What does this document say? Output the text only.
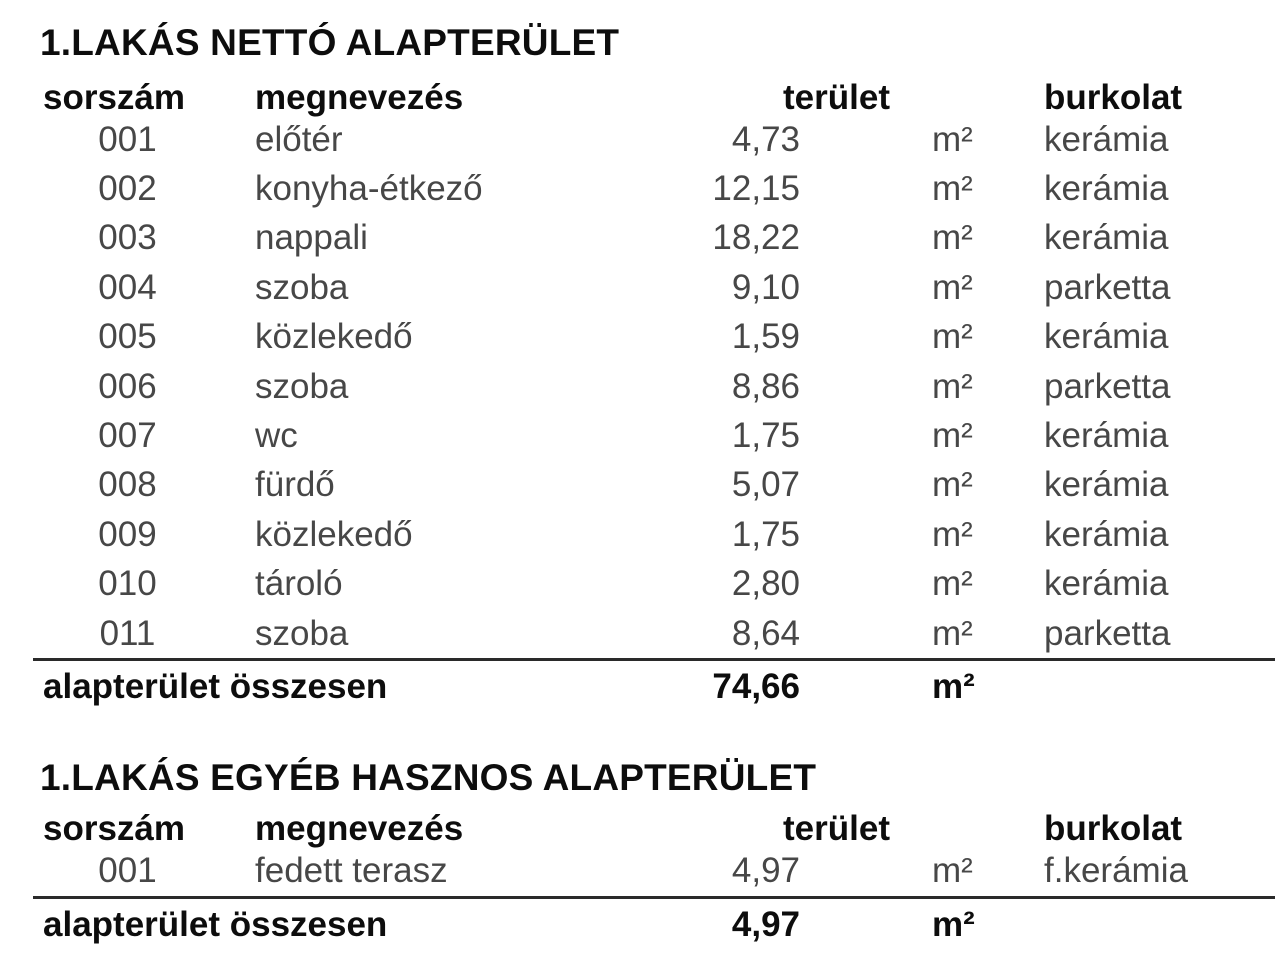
1.LAKÁS NETTÓ ALAPTERÜLET
sorszám	megnevezés	terület	burkolat
001	előtér	4,73	m²	kerámia
002	konyha-étkező	12,15	m²	kerámia
003	nappali	18,22	m²	kerámia
004	szoba	9,10	m²	parketta
005	közlekedő	1,59	m²	kerámia
006	szoba	8,86	m²	parketta
007	wc	1,75	m²	kerámia
008	fürdő	5,07	m²	kerámia
009	közlekedő	1,75	m²	kerámia
010	tároló	2,80	m²	kerámia
011	szoba	8,64	m²	parketta
alapterület összesen	74,66	m²
1.LAKÁS EGYÉB HASZNOS ALAPTERÜLET
sorszám	megnevezés	terület	burkolat
001	fedett terasz	4,97	m²	f.kerámia
alapterület összesen	4,97	m²
